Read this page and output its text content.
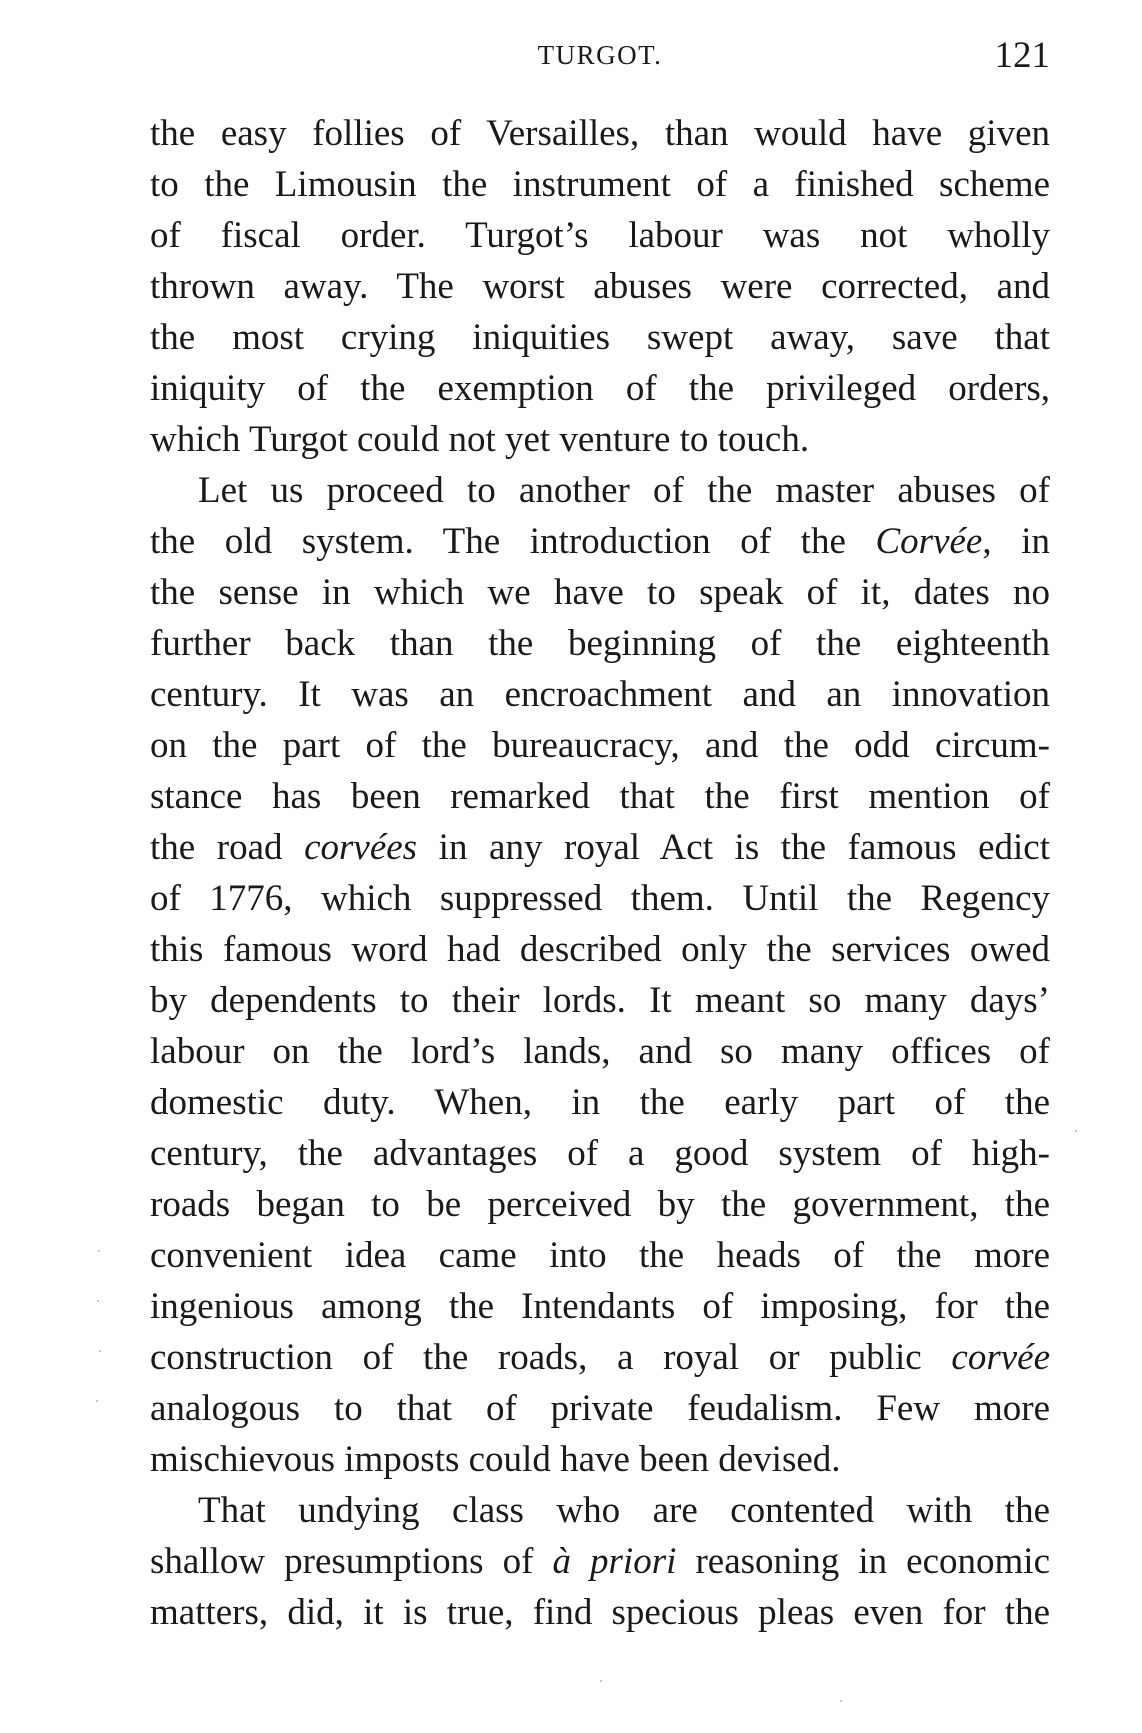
TURGOT.	121
the easy follies of Versailles, than would have given
to the Limousin the instrument of a finished scheme
of fiscal order. Turgot’s labour was not wholly
thrown away. The worst abuses were corrected, and
the most crying iniquities swept away, save that
iniquity of the exemption of the privileged orders,
which Turgot could not yet venture to touch.
Let us proceed to another of the master abuses of
the old system. The introduction of the Corvée, in
the sense in which we have to speak of it, dates no
further back than the beginning of the eighteenth
century. It was an encroachment and an innovation
on the part of the bureaucracy, and the odd circum-
stance has been remarked that the first mention of
the road corvées in any royal Act is the famous edict
of 1776, which suppressed them. Until the Regency
this famous word had described only the services owed
by dependents to their lords. It meant so many days’
labour on the lord’s lands, and so many offices of
domestic duty. When, in the early part of the
century, the advantages of a good system of high-
roads began to be perceived by the government, the
convenient idea came into the heads of the more
ingenious among the Intendants of imposing, for the
construction of the roads, a royal or public corvée
analogous to that of private feudalism. Few more
mischievous imposts could have been devised.
That undying class who are contented with the
shallow presumptions of à priori reasoning in economic
matters, did, it is true, find specious pleas even for the
